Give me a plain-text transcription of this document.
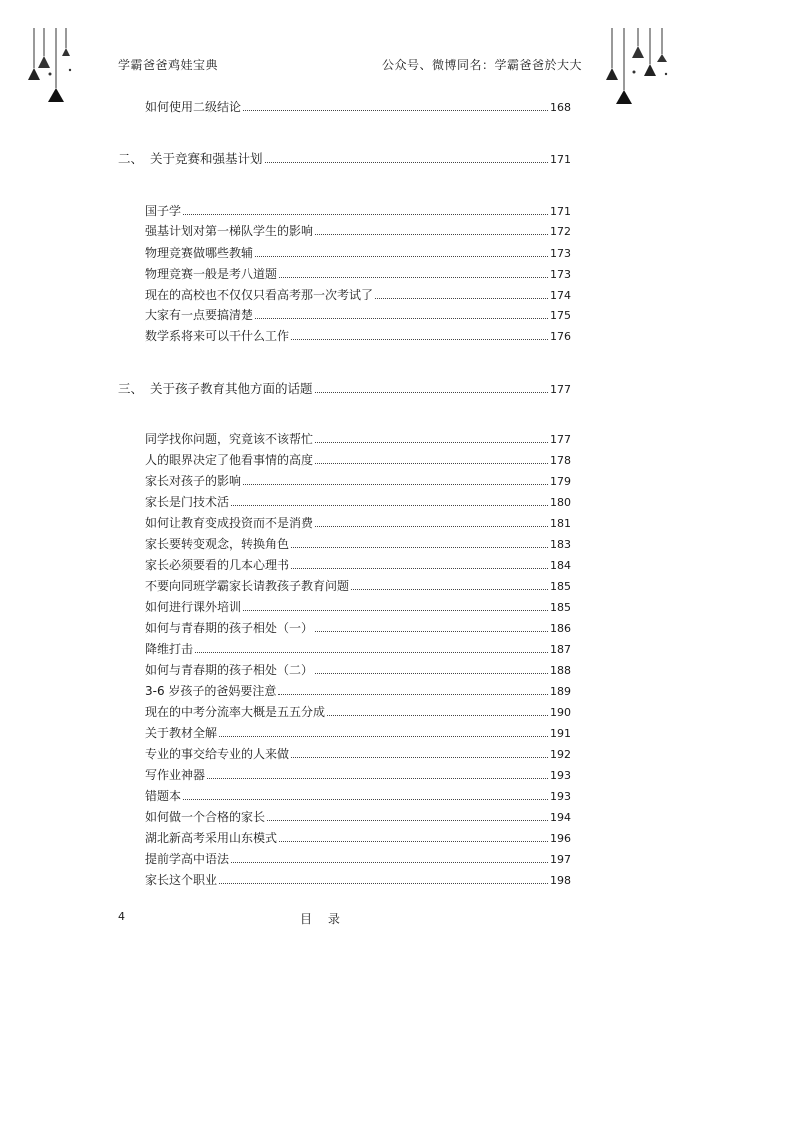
学霸爸爸鸡娃宝典	公众号、微博同名：学霸爸爸於大大
如何使用二级结论	168
二、 关于竞赛和强基计划	171
国子学	171
强基计划对第一梯队学生的影响	172
物理竞赛做哪些教辅	173
物理竞赛一般是考八道题	173
现在的高校也不仅仅只看高考那一次考试了	174
大家有一点要搞清楚	175
数学系将来可以干什么工作	176
三、 关于孩子教育其他方面的话题	177
同学找你问题，究竟该不该帮忙	177
人的眼界决定了他看事情的高度	178
家长对孩子的影响	179
家长是门技术活	180
如何让教育变成投资而不是消费	181
家长要转变观念，转换角色	183
家长必须要看的几本心理书	184
不要向同班学霸家长请教孩子教育问题	185
如何进行课外培训	185
如何与青春期的孩子相处（一）	186
降维打击	187
如何与青春期的孩子相处（二）	188
3-6 岁孩子的爸妈要注意	189
现在的中考分流率大概是五五分成	190
关于教材全解	191
专业的事交给专业的人来做	192
写作业神器	193
错题本	193
如何做一个合格的家长	194
湖北新高考采用山东模式	196
提前学高中语法	197
家长这个职业	198
4	目 录
